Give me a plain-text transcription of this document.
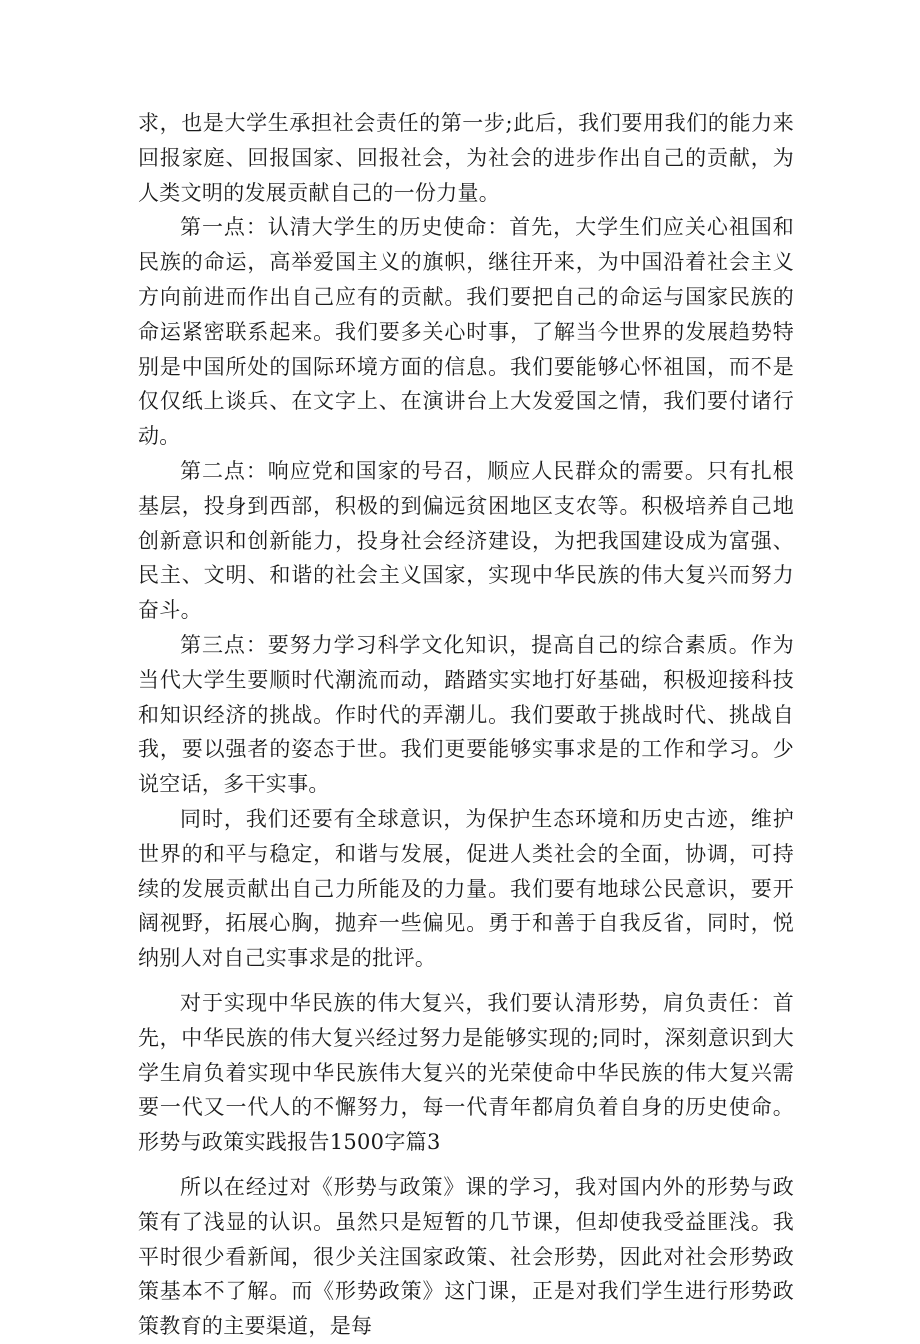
求，也是大学生承担社会责任的第一步;此后，我们要用我们的能力来回报家庭、回报国家、回报社会，为社会的进步作出自己的贡献，为人类文明的发展贡献自己的一份力量。

第一点：认清大学生的历史使命：首先，大学生们应关心祖国和民族的命运，高举爱国主义的旗帜，继往开来，为中国沿着社会主义方向前进而作出自己应有的贡献。我们要把自己的命运与国家民族的命运紧密联系起来。我们要多关心时事，了解当今世界的发展趋势特别是中国所处的国际环境方面的信息。我们要能够心怀祖国，而不是仅仅纸上谈兵、在文字上、在演讲台上大发爱国之情，我们要付诸行动。

第二点：响应党和国家的号召，顺应人民群众的需要。只有扎根基层，投身到西部，积极的到偏远贫困地区支农等。积极培养自己地创新意识和创新能力，投身社会经济建设，为把我国建设成为富强、民主、文明、和谐的社会主义国家，实现中华民族的伟大复兴而努力奋斗。

第三点：要努力学习科学文化知识，提高自己的综合素质。作为当代大学生要顺时代潮流而动，踏踏实实地打好基础，积极迎接科技和知识经济的挑战。作时代的弄潮儿。我们要敢于挑战时代、挑战自我，要以强者的姿态于世。我们更要能够实事求是的工作和学习。少说空话，多干实事。

同时，我们还要有全球意识，为保护生态环境和历史古迹，维护世界的和平与稳定，和谐与发展，促进人类社会的全面，协调，可持续的发展贡献出自己力所能及的力量。我们要有地球公民意识，要开阔视野，拓展心胸，抛弃一些偏见。勇于和善于自我反省，同时，悦纳别人对自己实事求是的批评。

对于实现中华民族的伟大复兴，我们要认清形势，肩负责任：首先，中华民族的伟大复兴经过努力是能够实现的;同时，深刻意识到大学生肩负着实现中华民族伟大复兴的光荣使命中华民族的伟大复兴需要一代又一代人的不懈努力，每一代青年都肩负着自身的历史使命。形势与政策实践报告1500字篇3

所以在经过对《形势与政策》课的学习，我对国内外的形势与政策有了浅显的认识。虽然只是短暂的几节课，但却使我受益匪浅。我平时很少看新闻，很少关注国家政策、社会形势，因此对社会形势政策基本不了解。而《形势政策》这门课，正是对我们学生进行形势政策教育的主要渠道，是每
